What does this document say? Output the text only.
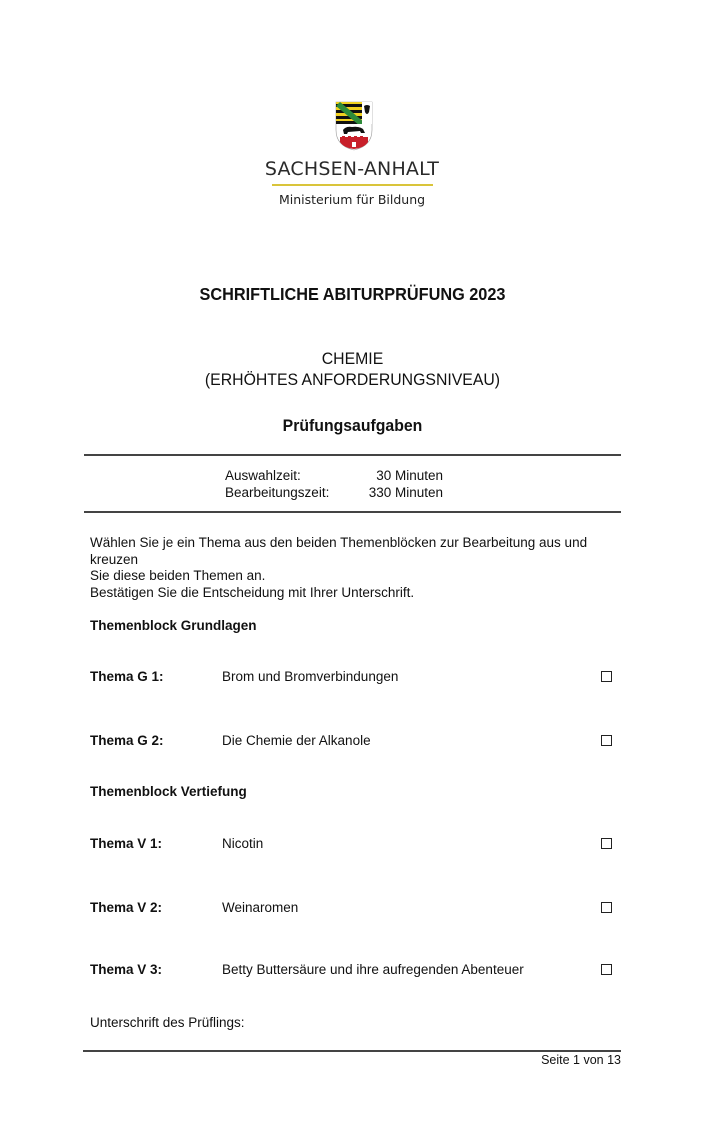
SACHSEN-ANHALT
Ministerium für Bildung
SCHRIFTLICHE ABITURPRÜFUNG 2023
CHEMIE
(ERHÖHTES ANFORDERUNGSNIVEAU)
Prüfungsaufgaben
Auswahlzeit:	30 Minuten
Bearbeitungszeit:	330 Minuten
Wählen Sie je ein Thema aus den beiden Themenblöcken zur Bearbeitung aus und kreuzen
Sie diese beiden Themen an.
Bestätigen Sie die Entscheidung mit Ihrer Unterschrift.
Themenblock Grundlagen
Thema G 1:	Brom und Bromverbindungen
Thema G 2:	Die Chemie der Alkanole
Themenblock Vertiefung
Thema V 1:	Nicotin
Thema V 2:	Weinaromen
Thema V 3:	Betty Buttersäure und ihre aufregenden Abenteuer
Unterschrift des Prüflings:
Seite 1 von 13
